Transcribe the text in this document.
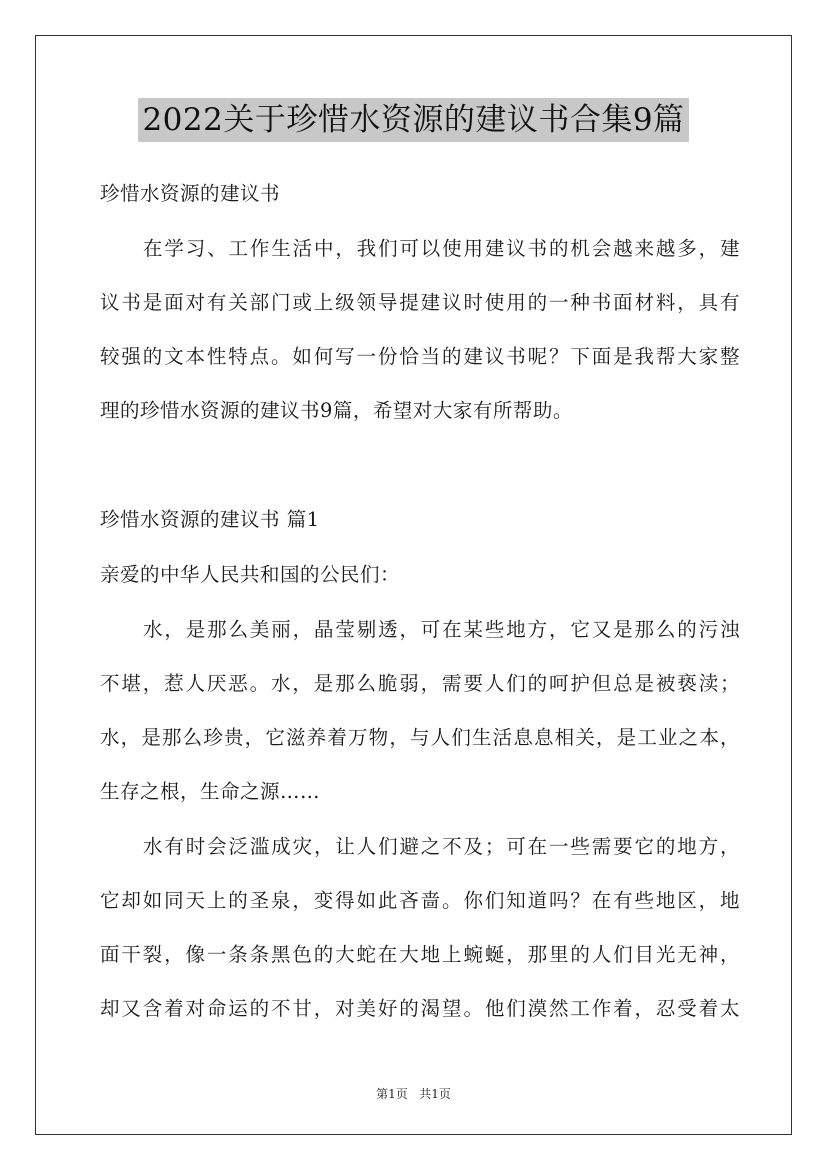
2022关于珍惜水资源的建议书合集9篇
珍惜水资源的建议书
在学习、工作生活中，我们可以使用建议书的机会越来越多，建
议书是面对有关部门或上级领导提建议时使用的一种书面材料，具有
较强的文本性特点。如何写一份恰当的建议书呢？下面是我帮大家整
理的珍惜水资源的建议书9篇，希望对大家有所帮助。
珍惜水资源的建议书 篇1
亲爱的中华人民共和国的公民们：
水，是那么美丽，晶莹剔透，可在某些地方，它又是那么的污浊
不堪，惹人厌恶。水，是那么脆弱，需要人们的呵护但总是被亵渎；
水，是那么珍贵，它滋养着万物，与人们生活息息相关，是工业之本，
生存之根，生命之源……
水有时会泛滥成灾，让人们避之不及；可在一些需要它的地方，
它却如同天上的圣泉，变得如此吝啬。你们知道吗？在有些地区，地
面干裂，像一条条黑色的大蛇在大地上蜿蜒，那里的人们目光无神，
却又含着对命运的不甘，对美好的渴望。他们漠然工作着，忍受着太
第1页 共1页
